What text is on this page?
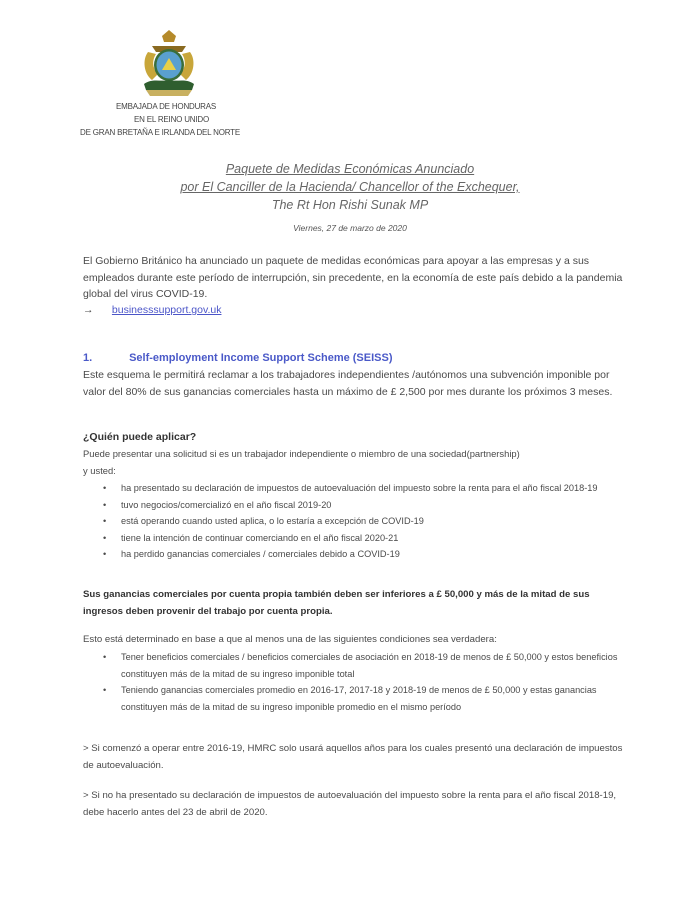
EMBAJADA DE HONDURAS
EN EL REINO UNIDO
DE GRAN BRETAÑA E IRLANDA DEL NORTE
Paquete de Medidas Económicas Anunciado
por El Canciller de la Hacienda/ Chancellor of the Exchequer,
The Rt Hon Rishi Sunak MP
Viernes, 27 de marzo de 2020
El Gobierno Británico ha anunciado un paquete de medidas económicas para apoyar a las empresas y a sus empleados durante este período de interrupción, sin precedente, en la economía de este país debido a la pandemia global del virus COVID-19.
→ businesssupport.gov.uk
1.	Self-employment Income Support Scheme (SEISS)
Este esquema le permitirá reclamar a los trabajadores independientes /autónomos una subvención imponible por valor del 80% de sus ganancias comerciales hasta un máximo de £ 2,500 por mes durante los próximos 3 meses.
¿Quién puede aplicar?
Puede presentar una solicitud si es un trabajador independiente o miembro de una sociedad(partnership) y usted:
• ha presentado su declaración de impuestos de autoevaluación del impuesto sobre la renta para el año fiscal 2018-19
• tuvo negocios/comercializó en el año fiscal 2019-20
• está operando cuando usted aplica, o lo estaría a excepción de COVID-19
• tiene la intención de continuar comerciando en el año fiscal 2020-21
• ha perdido ganancias comerciales / comerciales debido a COVID-19
Sus ganancias comerciales por cuenta propia también deben ser inferiores a £ 50,000 y más de la mitad de sus ingresos deben provenir del trabajo por cuenta propia.
Esto está determinado en base a que al menos una de las siguientes condiciones sea verdadera:
• Tener beneficios comerciales / beneficios comerciales de asociación en 2018-19 de menos de £ 50,000 y estos beneficios constituyen más de la mitad de su ingreso imponible total
• Teniendo ganancias comerciales promedio en 2016-17, 2017-18 y 2018-19 de menos de £ 50,000 y estas ganancias constituyen más de la mitad de su ingreso imponible promedio en el mismo período
> Si comenzó a operar entre 2016-19, HMRC solo usará aquellos años para los cuales presentó una declaración de impuestos de autoevaluación.
> Si no ha presentado su declaración de impuestos de autoevaluación del impuesto sobre la renta para el año fiscal 2018-19, debe hacerlo antes del 23 de abril de 2020.
